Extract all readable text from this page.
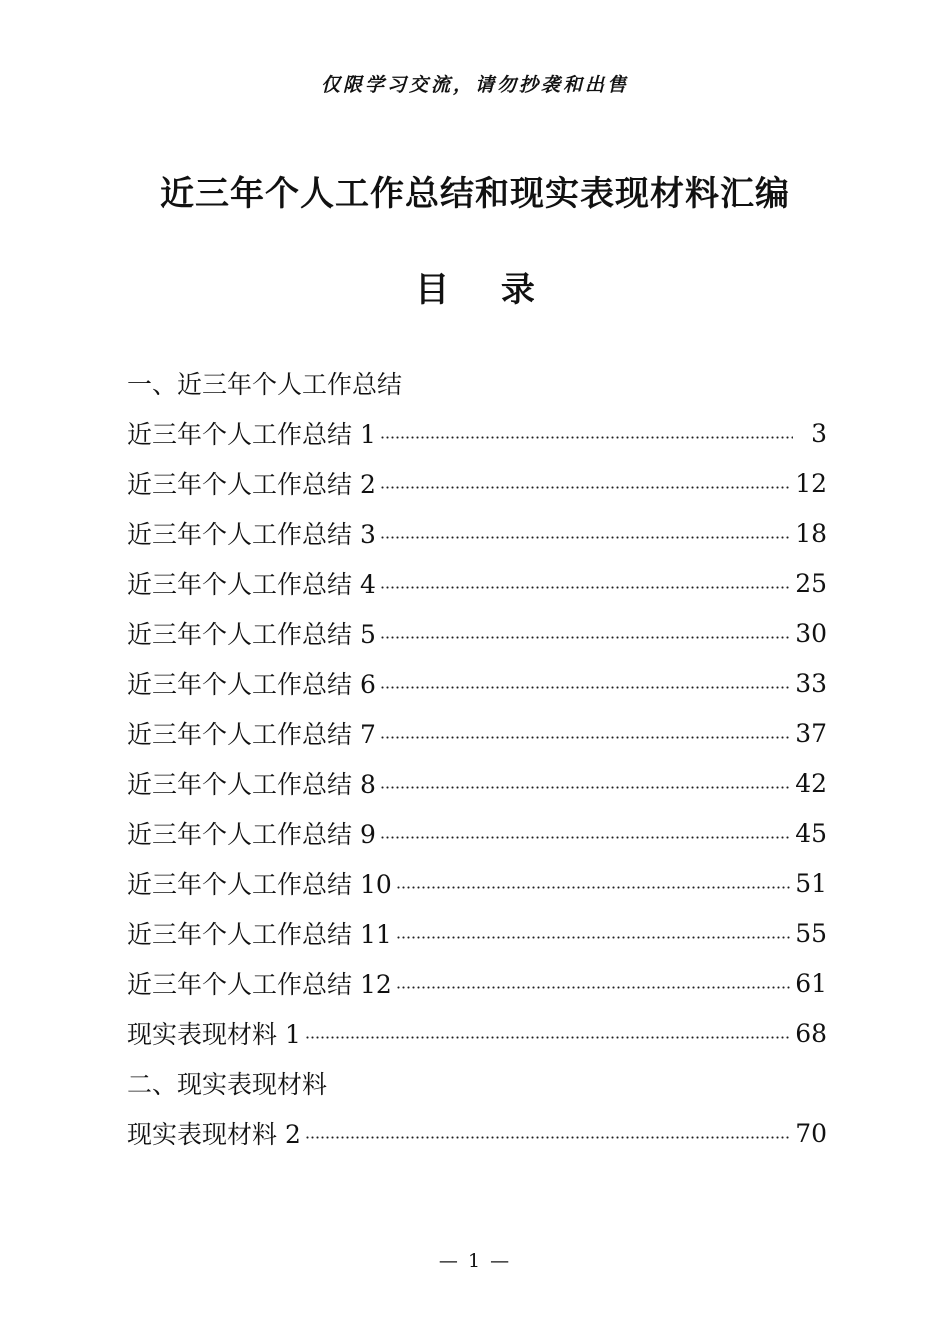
仅限学习交流，请勿抄袭和出售
近三年个人工作总结和现实表现材料汇编
目 录
一、近三年个人工作总结
近三年个人工作总结 1	3
近三年个人工作总结 2	12
近三年个人工作总结 3	18
近三年个人工作总结 4	25
近三年个人工作总结 5	30
近三年个人工作总结 6	33
近三年个人工作总结 7	37
近三年个人工作总结 8	42
近三年个人工作总结 9	45
近三年个人工作总结 10	51
近三年个人工作总结 11	55
近三年个人工作总结 12	61
现实表现材料 1	68
二、现实表现材料
现实表现材料 2	70
— 1 —
